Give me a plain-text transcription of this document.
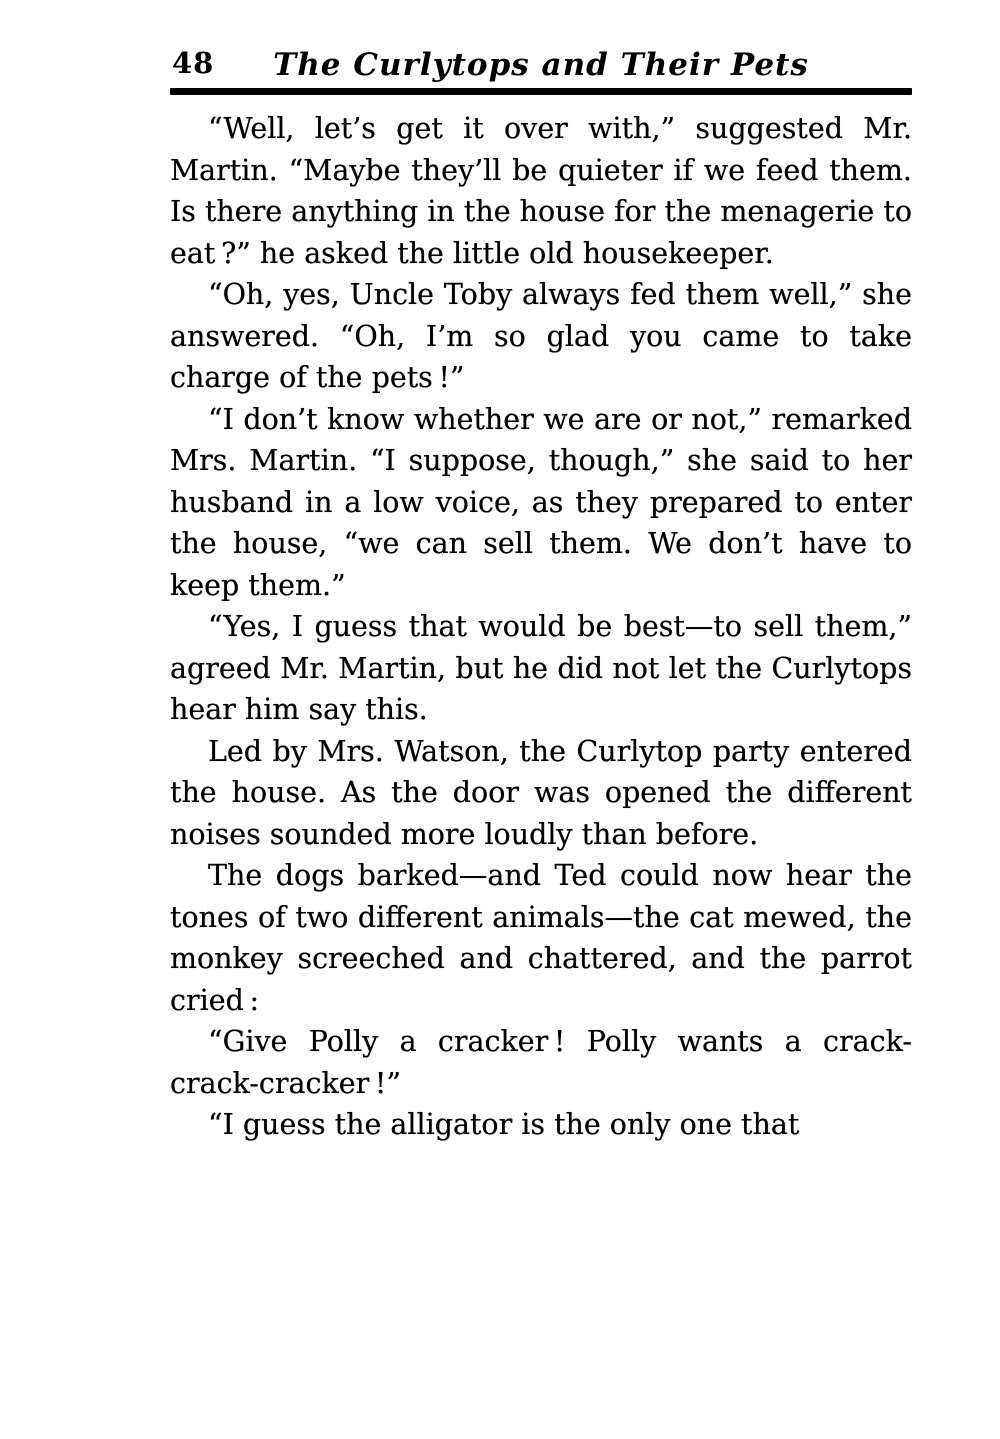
48	The Curlytops and Their Pets

“Well, let’s get it over with,” suggested Mr. Martin. “Maybe they’ll be quieter if we feed them. Is there anything in the house for the menagerie to eat ?” he asked the little old housekeeper.

“Oh, yes, Uncle Toby always fed them well,” she answered. “Oh, I’m so glad you came to take charge of the pets !”

“I don’t know whether we are or not,” remarked Mrs. Martin. “I suppose, though,” she said to her husband in a low voice, as they prepared to enter the house, “we can sell them. We don’t have to keep them.”

“Yes, I guess that would be best—to sell them,” agreed Mr. Martin, but he did not let the Curlytops hear him say this.

Led by Mrs. Watson, the Curlytop party entered the house. As the door was opened the different noises sounded more loudly than before.

The dogs barked—and Ted could now hear the tones of two different animals—the cat mewed, the monkey screeched and chattered, and the parrot cried :

“Give Polly a cracker ! Polly wants a crack-crack-cracker !”

“I guess the alligator is the only one that
